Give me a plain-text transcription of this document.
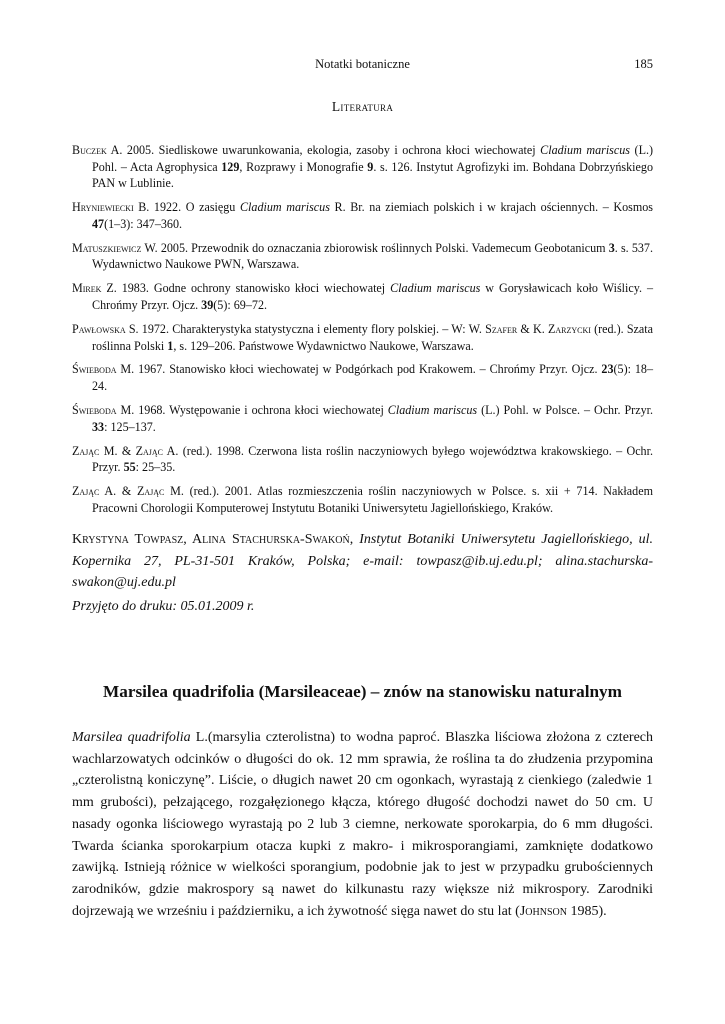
Notatki botaniczne	185
Literatura
Buczek A. 2005. Siedliskowe uwarunkowania, ekologia, zasoby i ochrona kłoci wiechowatej Cladium mariscus (L.) Pohl. – Acta Agrophysica 129, Rozprawy i Monografie 9. s. 126. Instytut Agrofizyki im. Bohdana Dobrzyńskiego PAN w Lublinie.
Hryniewiecki B. 1922. O zasięgu Cladium mariscus R. Br. na ziemiach polskich i w krajach ościennych. – Kosmos 47(1–3): 347–360.
Matuszkiewicz W. 2005. Przewodnik do oznaczania zbiorowisk roślinnych Polski. Vademecum Geobotanicum 3. s. 537. Wydawnictwo Naukowe PWN, Warszawa.
Mirek Z. 1983. Godne ochrony stanowisko kłoci wiechowatej Cladium mariscus w Gorysławicach koło Wiślicy. – Chrońmy Przyr. Ojcz. 39(5): 69–72.
Pawłowska S. 1972. Charakterystyka statystyczna i elementy flory polskiej. – W: W. Szafer & K. Zarzycki (red.). Szata roślinna Polski 1, s. 129–206. Państwowe Wydawnictwo Naukowe, Warszawa.
Świeboda M. 1967. Stanowisko kłoci wiechowatej w Podgórkach pod Krakowem. – Chrońmy Przyr. Ojcz. 23(5): 18–24.
Świeboda M. 1968. Występowanie i ochrona kłoci wiechowatej Cladium mariscus (L.) Pohl. w Polsce. – Ochr. Przyr. 33: 125–137.
Zając M. & Zając A. (red.). 1998. Czerwona lista roślin naczyniowych byłego województwa krakowskiego. – Ochr. Przyr. 55: 25–35.
Zając A. & Zając M. (red.). 2001. Atlas rozmieszczenia roślin naczyniowych w Polsce. s. xii + 714. Nakładem Pracowni Chorologii Komputerowej Instytutu Botaniki Uniwersytetu Jagiellońskiego, Kraków.
Krystyna Towpasz, Alina Stachurska-Swakoń, Instytut Botaniki Uniwersytetu Jagiellońskiego, ul. Kopernika 27, PL-31-501 Kraków, Polska; e-mail: towpasz@ib.uj.edu.pl; alina.stachurska-swakon@uj.edu.pl
Przyjęto do druku: 05.01.2009 r.
Marsilea quadrifolia (Marsileaceae) – znów na stanowisku naturalnym
Marsilea quadrifolia L.(marsylia czterolistna) to wodna paproć. Blaszka liściowa złożona z czterech wachlarzowatych odcinków o długości do ok. 12 mm sprawia, że roślina ta do złudzenia przypomina „czterolistną koniczynę”. Liście, o długich nawet 20 cm ogonkach, wyrastają z cienkiego (zaledwie 1 mm grubości), pełzającego, rozgałęzionego kłącza, którego długość dochodzi nawet do 50 cm. U nasady ogonka liściowego wyrastają po 2 lub 3 ciemne, nerkowate sporokarpia, do 6 mm długości. Twarda ścianka sporokarpium otacza kupki z makro- i mikrosporangiami, zamknięte dodatkowo zawijką. Istnieją różnice w wielkości sporangium, podobnie jak to jest w przypadku grubościennych zarodników, gdzie makrospory są nawet do kilkunastu razy większe niż mikrospory. Zarodniki dojrzewają we wrześniu i październiku, a ich żywotność sięga nawet do stu lat (Johnson 1985).
